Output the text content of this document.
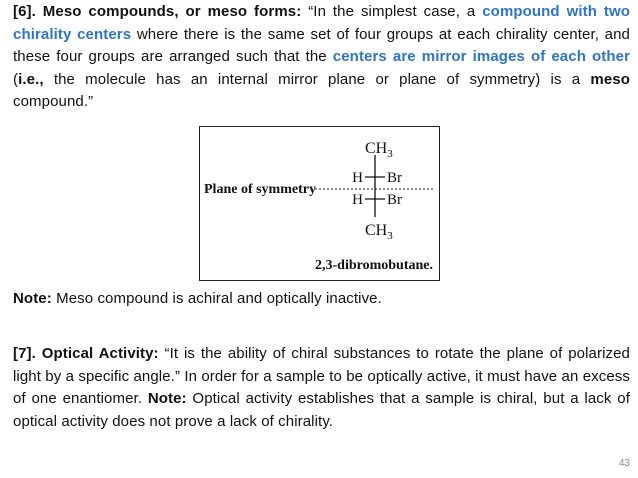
[6]. Meso compounds, or meso forms: “In the simplest case, a compound with two chirality centers where there is the same set of four groups at each chirality center, and these four groups are arranged such that the centers are mirror images of each other (i.e., the molecule has an internal mirror plane or plane of symmetry) is a meso compound.”

Plane of symmetry
$CH_3$
H Br
H Br
$CH_3$
2,3-dibromobutane.

Note: Meso compound is achiral and optically inactive.

[7]. Optical Activity: “It is the ability of chiral substances to rotate the plane of polarized light by a specific angle.” In order for a sample to be optically active, it must have an excess of one enantiomer. Note: Optical activity establishes that a sample is chiral, but a lack of optical activity does not prove a lack of chirality.

43
